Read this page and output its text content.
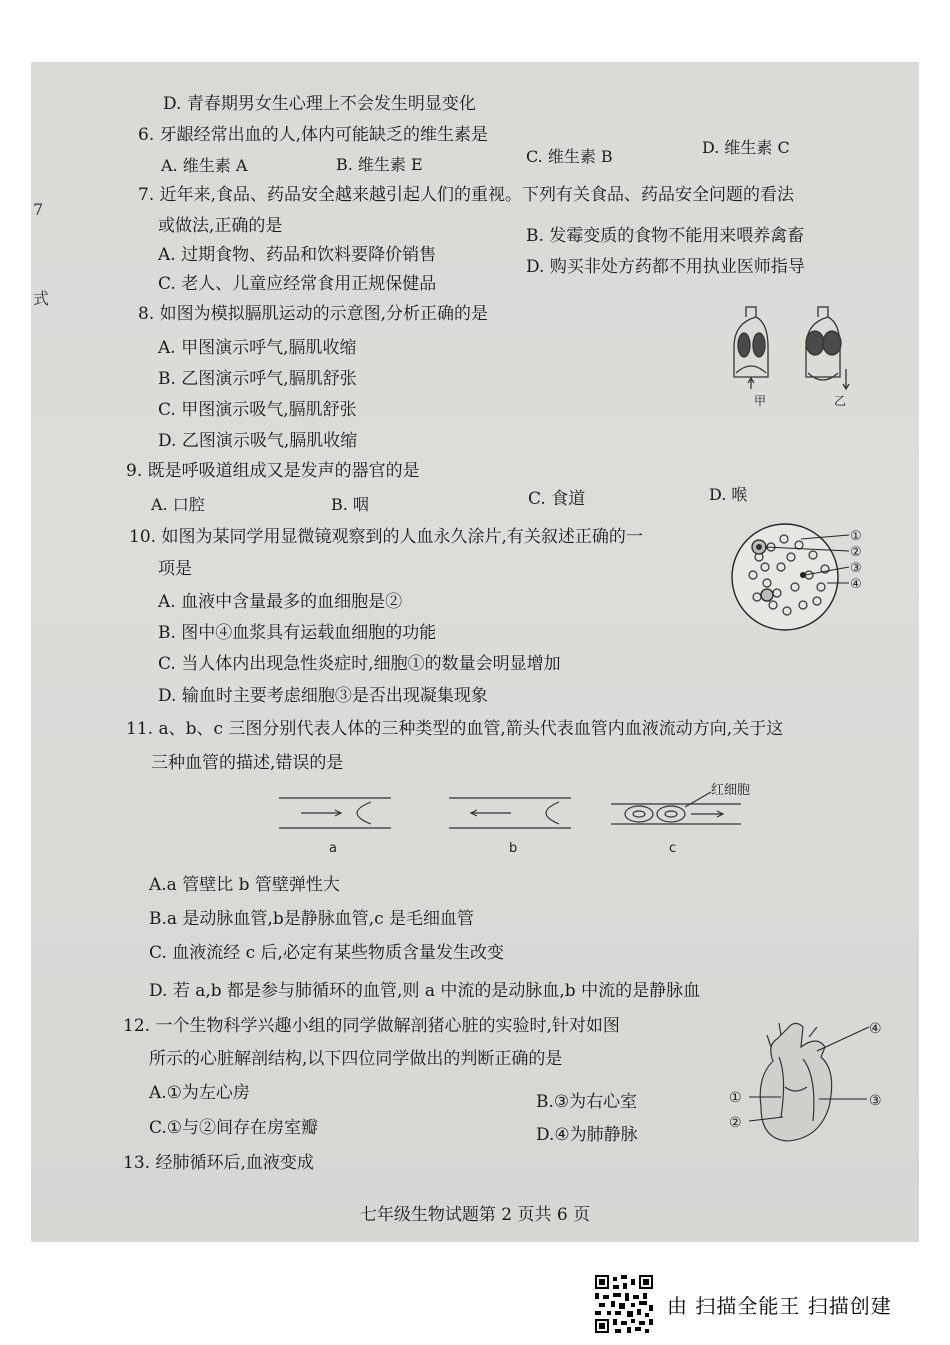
7
式
D. 青春期男女生心理上不会发生明显变化
6. 牙龈经常出血的人,体内可能缺乏的维生素是
A. 维生素 A	B. 维生素 E	C. 维生素 B	D. 维生素 C
7. 近年来,食品、药品安全越来越引起人们的重视。下列有关食品、药品安全问题的看法
或做法,正确的是
A. 过期食物、药品和饮料要降价销售
B. 发霉变质的食物不能用来喂养禽畜
C. 老人、儿童应经常食用正规保健品
D. 购买非处方药都不用执业医师指导
8. 如图为模拟膈肌运动的示意图,分析正确的是
A. 甲图演示呼气,膈肌收缩
B. 乙图演示呼气,膈肌舒张
C. 甲图演示吸气,膈肌舒张
D. 乙图演示吸气,膈肌收缩
甲	乙
9. 既是呼吸道组成又是发声的器官的是
A. 口腔	B. 咽	C. 食道	D. 喉
10. 如图为某同学用显微镜观察到的人血永久涂片,有关叙述正确的一
项是
A. 血液中含量最多的血细胞是②
B. 图中④血浆具有运载血细胞的功能
C. 当人体内出现急性炎症时,细胞①的数量会明显增加
D. 输血时主要考虑细胞③是否出现凝集现象
①
②
③
④
11. a、b、c 三图分别代表人体的三种类型的血管,箭头代表血管内血液流动方向,关于这
三种血管的描述,错误的是
a	b
红细胞
c
A.a 管壁比 b 管壁弹性大
B.a 是动脉血管,b是静脉血管,c 是毛细血管
C. 血液流经 c 后,必定有某些物质含量发生改变
D. 若 a,b 都是参与肺循环的血管,则 a 中流的是动脉血,b 中流的是静脉血
12. 一个生物科学兴趣小组的同学做解剖猪心脏的实验时,针对如图
所示的心脏解剖结构,以下四位同学做出的判断正确的是
A.①为左心房	B.③为右心室
C.①与②间存在房室瓣	D.④为肺静脉
①
②
③
④
13. 经肺循环后,血液变成
七年级生物试题第 2 页共 6 页
由 扫描全能王 扫描创建
